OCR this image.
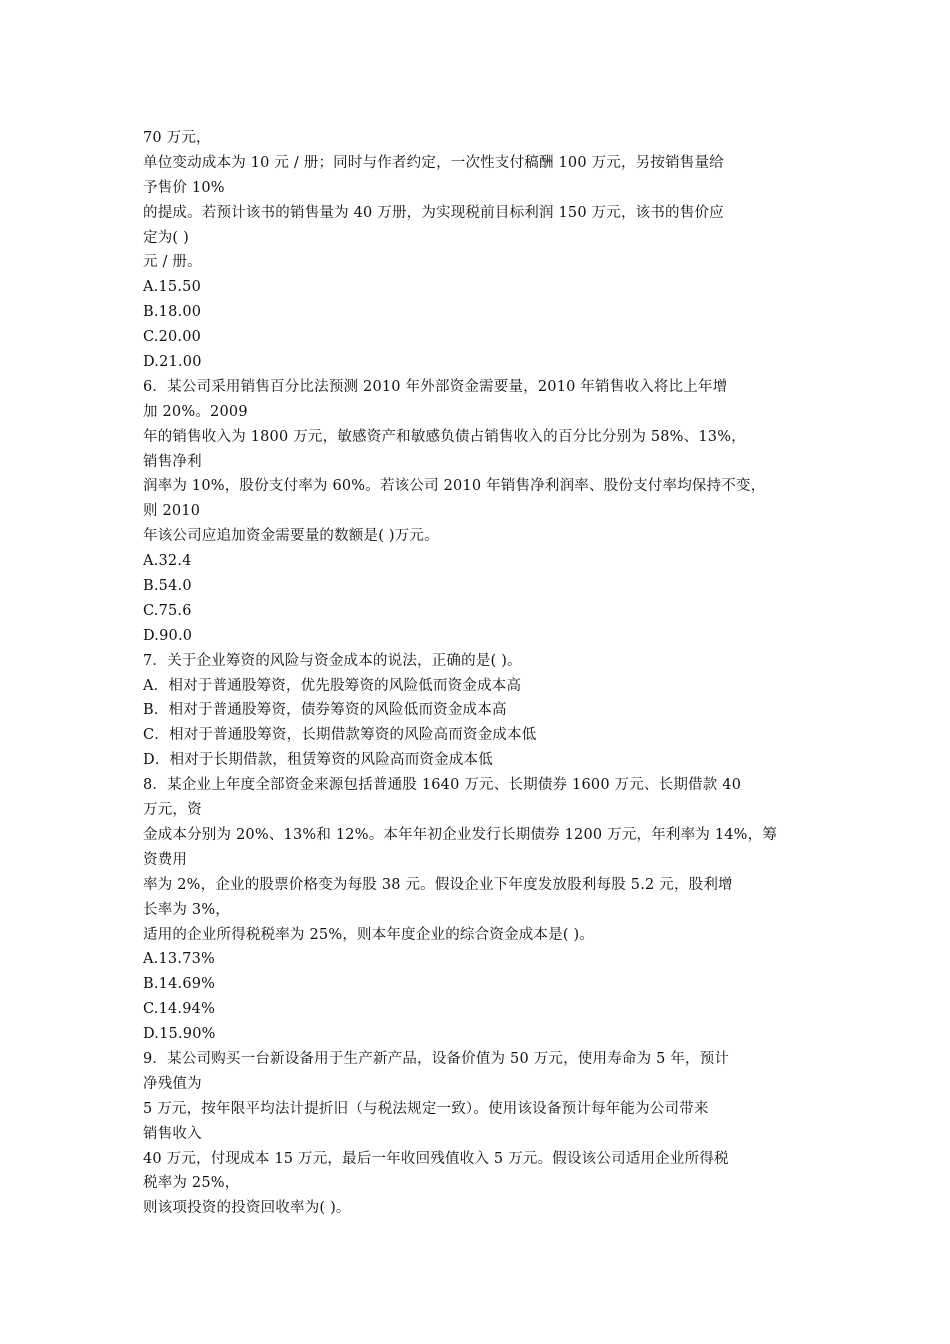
70 万元，
单位变动成本为 10 元 / 册；同时与作者约定，一次性支付稿酬 100 万元，另按销售量给
予售价 10%
的提成。若预计该书的销售量为 40 万册，为实现税前目标利润 150 万元，该书的售价应
定为( )
元 / 册。
A.15.50
B.18.00
C.20.00
D.21.00
6．某公司采用销售百分比法预测 2010 年外部资金需要量，2010 年销售收入将比上年增
加 20%。2009
年的销售收入为 1800 万元，敏感资产和敏感负债占销售收入的百分比分别为 58%、13%，
销售净利
润率为 10%，股份支付率为 60%。若该公司 2010 年销售净利润率、股份支付率均保持不变，
则 2010
年该公司应追加资金需要量的数额是( )万元。
A.32.4
B.54.0
C.75.6
D.90.0
7．关于企业筹资的风险与资金成本的说法，正确的是( )。
A．相对于普通股筹资，优先股筹资的风险低而资金成本高
B．相对于普通股筹资，债券筹资的风险低而资金成本高
C．相对于普通股筹资，长期借款筹资的风险高而资金成本低
D．相对于长期借款，租赁筹资的风险高而资金成本低
8．某企业上年度全部资金来源包括普通股 1640 万元、长期债券 1600 万元、长期借款 40
万元，资
金成本分别为 20%、13%和 12%。本年年初企业发行长期债券 1200 万元，年利率为 14%，筹
资费用
率为 2%，企业的股票价格变为每股 38 元。假设企业下年度发放股利每股 5.2 元，股利增
长率为 3%，
适用的企业所得税税率为 25%，则本年度企业的综合资金成本是( )。
A.13.73%
B.14.69%
C.14.94%
D.15.90%
9．某公司购买一台新设备用于生产新产品，设备价值为 50 万元，使用寿命为 5 年，预计
净残值为
5 万元，按年限平均法计提折旧（与税法规定一致）。使用该设备预计每年能为公司带来
销售收入
40 万元，付现成本 15 万元，最后一年收回残值收入 5 万元。假设该公司适用企业所得税
税率为 25%，
则该项投资的投资回收率为( )。
